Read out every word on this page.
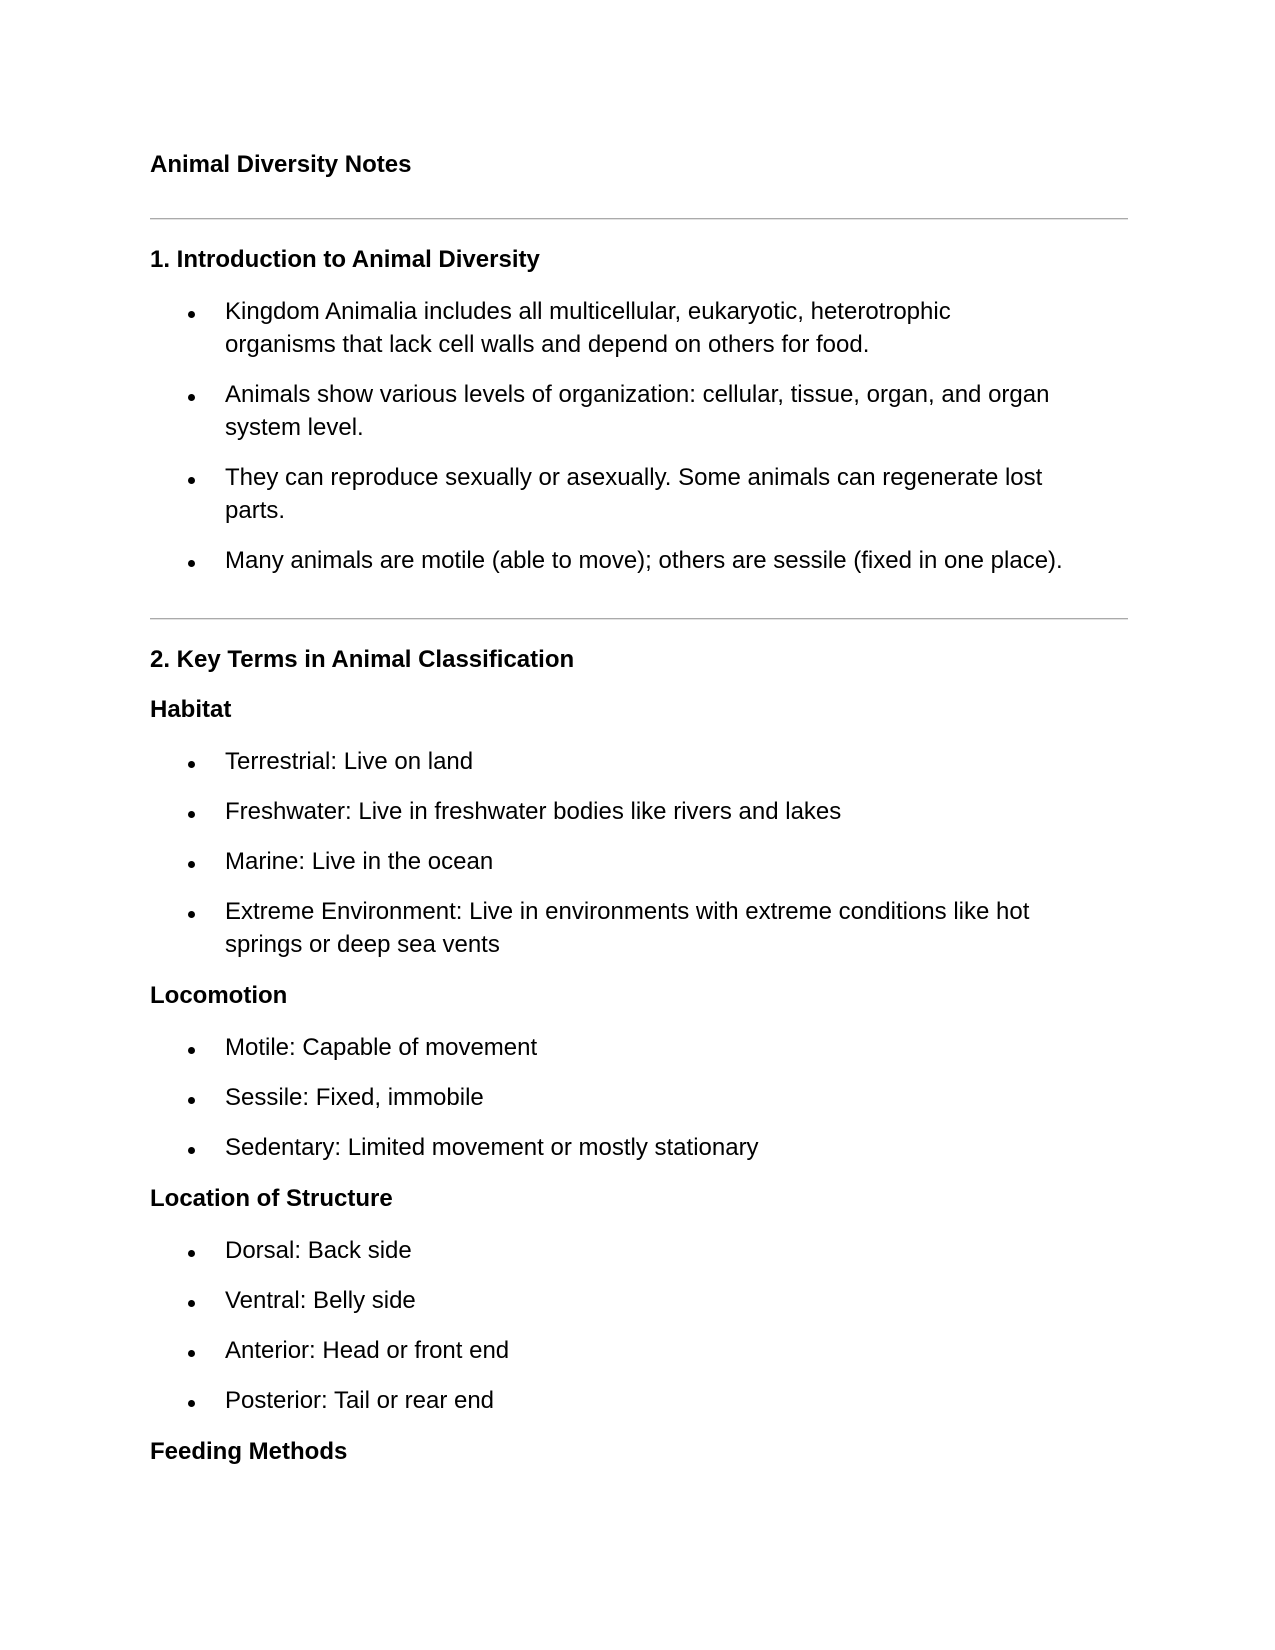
Animal Diversity Notes
1. Introduction to Animal Diversity
Kingdom Animalia includes all multicellular, eukaryotic, heterotrophic organisms that lack cell walls and depend on others for food.
Animals show various levels of organization: cellular, tissue, organ, and organ system level.
They can reproduce sexually or asexually. Some animals can regenerate lost parts.
Many animals are motile (able to move); others are sessile (fixed in one place).
2. Key Terms in Animal Classification
Habitat
Terrestrial: Live on land
Freshwater: Live in freshwater bodies like rivers and lakes
Marine: Live in the ocean
Extreme Environment: Live in environments with extreme conditions like hot springs or deep sea vents
Locomotion
Motile: Capable of movement
Sessile: Fixed, immobile
Sedentary: Limited movement or mostly stationary
Location of Structure
Dorsal: Back side
Ventral: Belly side
Anterior: Head or front end
Posterior: Tail or rear end
Feeding Methods
